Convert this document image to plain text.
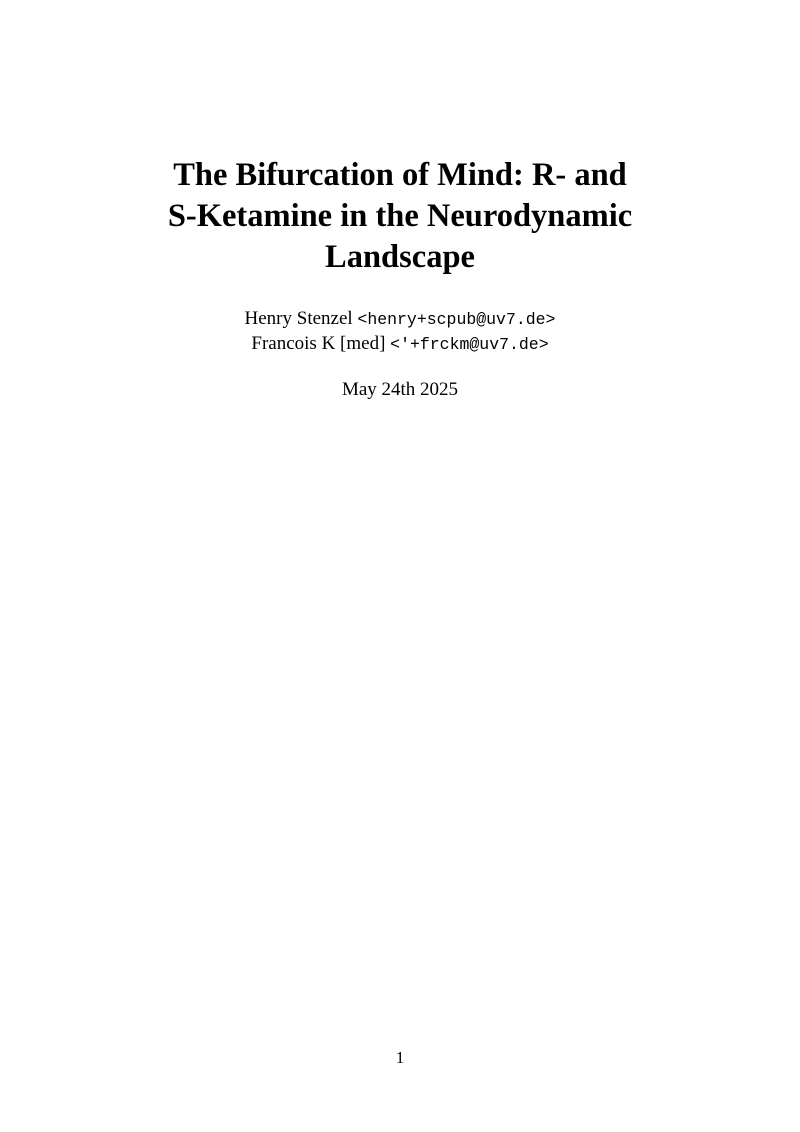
The Bifurcation of Mind: R- and
S-Ketamine in the Neurodynamic
Landscape
Henry Stenzel <henry+scpub@uv7.de>
Francois K [med] <'+frckm@uv7.de>
May 24th 2025
1
